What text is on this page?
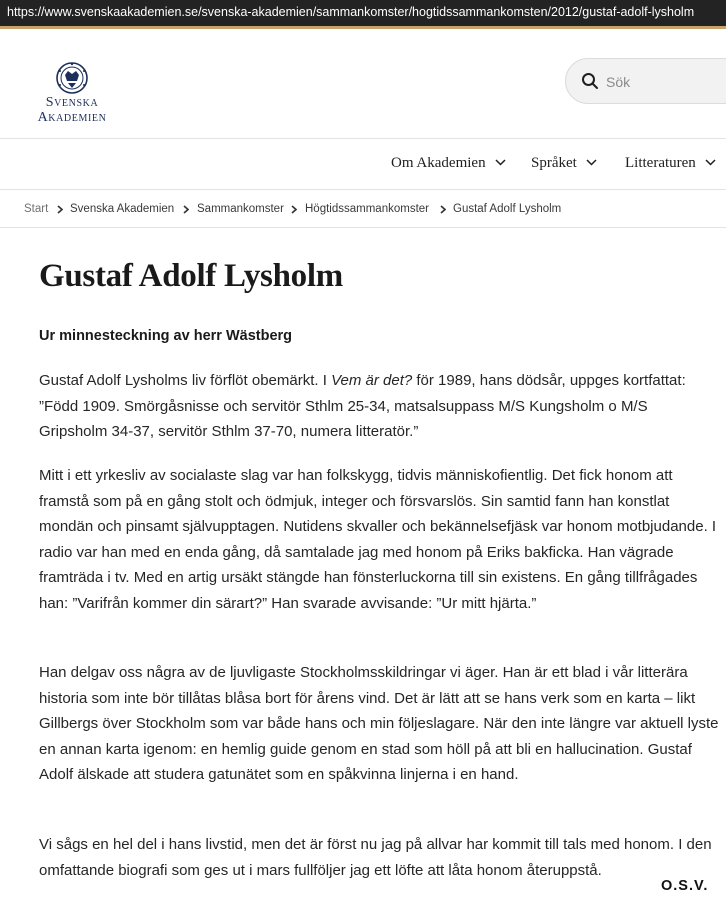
https://www.svenskaakademien.se/svenska-akademien/sammankomster/hogtidssammankomsten/2012/gustaf-adolf-lysholm
Svenska
Akademien
Sök
Om Akademien	Språket	Litteraturen
Start Svenska Akademien Sammankomster Högtidssammankomster Gustaf Adolf Lysholm
Gustaf Adolf Lysholm
Ur minnesteckning av herr Wästberg

Gustaf Adolf Lysholms liv förflöt obemärkt. I Vem är det? för 1989, hans dödsår, uppges kortfattat: ”Född 1909. Smörgåsnisse och servitör Sthlm 25-34, matsalsuppass M/S Kungsholm o M/S Gripsholm 34-37, servitör Sthlm 37-70, numera litteratör.”

Mitt i ett yrkesliv av socialaste slag var han folkskygg, tidvis människofientlig. Det fick honom att framstå som på en gång stolt och ödmjuk, integer och försvarslös. Sin samtid fann han konstlat mondän och pinsamt självupptagen. Nutidens skvaller och bekännelsefjäsk var honom motbjudande. I radio var han med en enda gång, då samtalade jag med honom på Eriks bakficka. Han vägrade framträda i tv. Med en artig ursäkt stängde han fönsterluckorna till sin existens. En gång tillfrågades han: ”Varifrån kommer din särart?” Han svarade avvisande: ”Ur mitt hjärta.”

Han delgav oss några av de ljuvligaste Stockholmsskildringar vi äger. Han är ett blad i vår litterära historia som inte bör tillåtas blåsa bort för årens vind. Det är lätt att se hans verk som en karta – likt Gillbergs över Stockholm som var både hans och min följeslagare. När den inte längre var aktuell lyste en annan karta igenom: en hemlig guide genom en stad som höll på att bli en hallucination. Gustaf Adolf älskade att studera gatunätet som en spåkvinna linjerna i en hand.

Vi sågs en hel del i hans livstid, men det är först nu jag på allvar har kommit till tals med honom. I den omfattande biografi som ges ut i mars fullföljer jag ett löfte att låta honom återuppstå.

O.S.V.
